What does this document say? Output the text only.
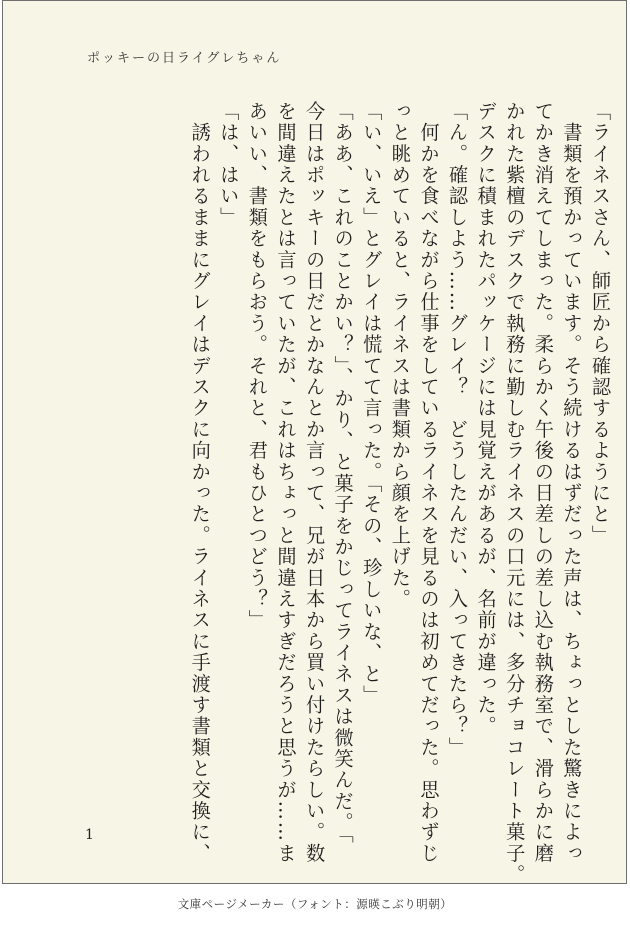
ポッキーの日ライグレちゃん

「ライネスさん、師匠から確認するようにと」

　書類を預かっています。そう続けるはずだった声は、ちょっとした驚きによっ

てかき消えてしまった。柔らかく午後の日差しの差し込む執務室で、滑らかに磨

かれた紫檀のデスクで執務に勤しむライネスの口元には、多分チョコレート菓子。

デスクに積まれたパッケージには見覚えがあるが、名前が違った。

「ん。確認しよう……グレイ？　どうしたんだい、入ってきたら？」

　何かを食べながら仕事をしているライネスを見るのは初めてだった。思わずじ

っと眺めていると、ライネスは書類から顔を上げた。

「い、いえ」とグレイは慌てて言った。「その、珍しいな、と」

「ああ、これのことかい？」、かり、と菓子をかじってライネスは微笑んだ。「

今日はポッキーの日だとかなんとか言って、兄が日本から買い付けたらしい。数

を間違えたとは言っていたが、これはちょっと間違えすぎだろうと思うが……ま

あいい、書類をもらおう。それと、君もひとつどう？」

「は、はい」

　誘われるままにグレイはデスクに向かった。ライネスに手渡す書類と交換に、

1
文庫ページメーカー（フォント：源暎こぶり明朝）
